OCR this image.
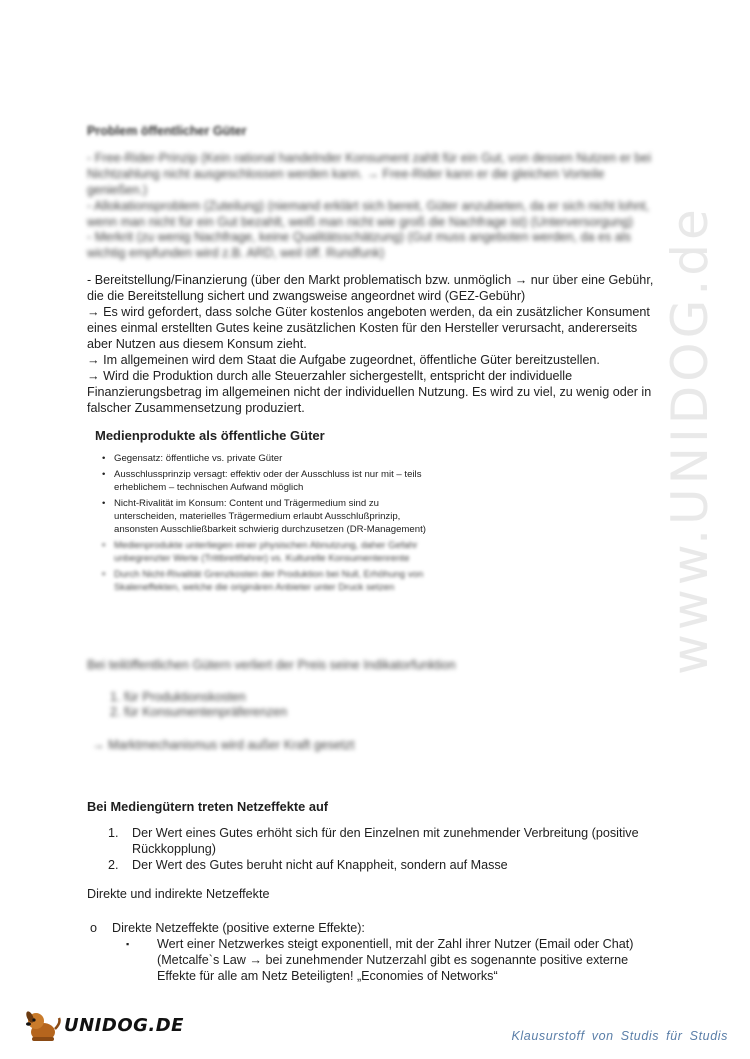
www.UNIDOG.de
Problem öffentlicher Güter
- Free-Rider-Prinzip (Kein rational handelnder Konsument zahlt für ein Gut, von dessen Nutzen er bei
Nichtzahlung nicht ausgeschlossen werden kann. → Free-Rider kann er die gleichen Vorteile genießen.)
- Allokationsproblem (Zuteilung) (niemand erklärt sich bereit, Güter anzubieten, da er sich nicht lohnt,
wenn man nicht für ein Gut bezahlt, weiß man nicht wie groß die Nachfrage ist) (Unterversorgung)
- Merkrit (zu wenig Nachfrage, keine Qualitätsschätzung) (Gut muss angeboten werden, da es als
wichtig empfunden wird z.B. ARD, weil öff. Rundfunk)

- Bereitstellung/Finanzierung (über den Markt problematisch bzw. unmöglich → nur über eine Gebühr, die die Bereitstellung sichert und zwangsweise angeordnet wird (GEZ-Gebühr)

→ Es wird gefordert, dass solche Güter kostenlos angeboten werden, da ein zusätzlicher Konsument eines einmal erstellten Gutes keine zusätzlichen Kosten für den Hersteller verursacht, andererseits aber Nutzen aus diesem Konsum zieht.

→ Im allgemeinen wird dem Staat die Aufgabe zugeordnet, öffentliche Güter bereitzustellen.

→ Wird die Produktion durch alle Steuerzahler sichergestellt, entspricht der individuelle Finanzierungsbetrag im allgemeinen nicht der individuellen Nutzung. Es wird zu viel, zu wenig oder in falscher Zusammensetzung produziert.

Medienprodukte als öffentliche Güter
• Gegensatz: öffentliche vs. private Güter
• Ausschlussprinzip versagt: effektiv oder der Ausschluss ist nur mit – teils erheblichem – technischen Aufwand möglich
• Nicht-Rivalität im Konsum: Content und Trägermedium sind zu unterscheiden, materielles Trägermedium erlaubt Ausschlußprinzip, ansonsten Ausschließbarkeit schwierig durchzusetzen (DR-Management)
• Medienprodukte unterliegen einer physischen Abnutzung, daher Gefahr unbegrenzter Werte (Trittbrettfahrer) vs. Kulturelle Konsumentenrente
• Durch Nicht-Rivalität Grenzkosten der Produktion bei Null, Erhöhung von Skaleneffekten, welche die originären Anbieter unter Druck setzen
Bei teilöffentlichen Gütern verliert der Preis seine Indikatorfunktion
1. für Produktionskosten
2. für Konsumentenpräferenzen
→ Marktmechanismus wird außer Kraft gesetzt
Bei Mediengütern treten Netzeffekte auf
1. Der Wert eines Gutes erhöht sich für den Einzelnen mit zunehmender Verbreitung (positive Rückkopplung)
2. Der Wert des Gutes beruht nicht auf Knappheit, sondern auf Masse
Direkte und indirekte Netzeffekte
o Direkte Netzeffekte (positive externe Effekte):
▪ Wert einer Netzwerkes steigt exponentiell, mit der Zahl ihrer Nutzer (Email oder Chat) (Metcalfe`s Law → bei zunehmender Nutzerzahl gibt es sogenannte positive externe Effekte für alle am Netz Beteiligten! „Economies of Networks“
UNIDOG.DE	Klausurstoff von Studis für Studis
